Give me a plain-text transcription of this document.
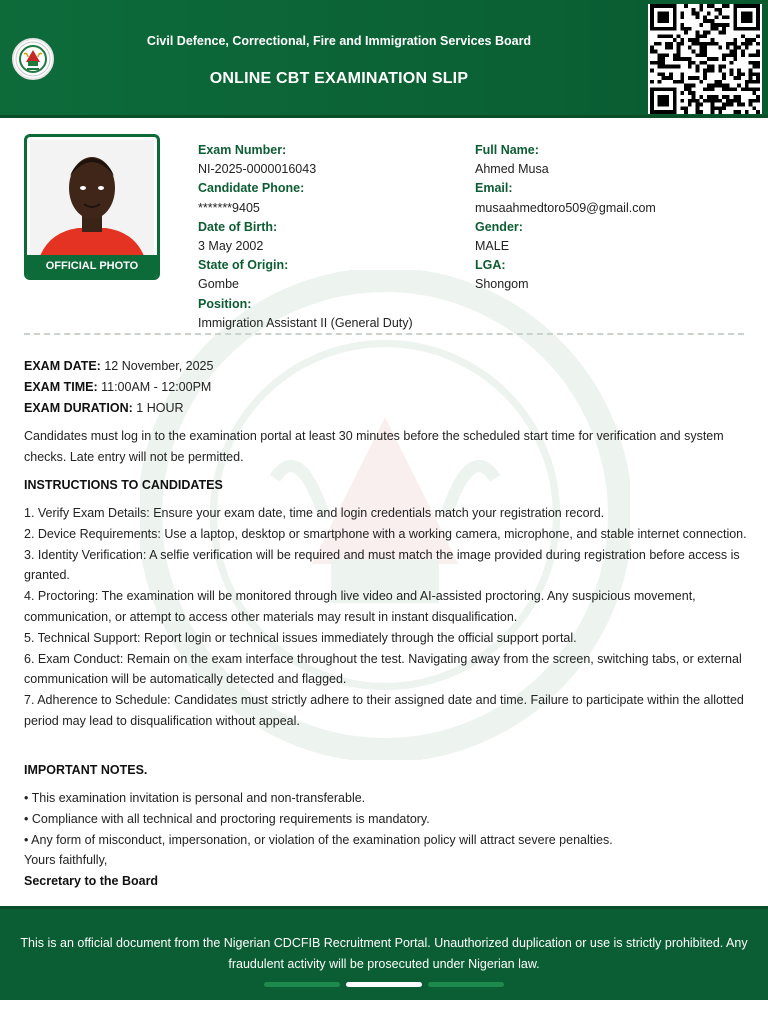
Civil Defence, Correctional, Fire and Immigration Services Board
ONLINE CBT EXAMINATION SLIP
OFFICIAL PHOTO
Exam Number:
NI-2025-0000016043
Candidate Phone:
*******9405
Date of Birth:
3 May 2002
State of Origin:
Gombe
Position:
Immigration Assistant II (General Duty)
Full Name:
Ahmed Musa
Email:
musaahmedtoro509@gmail.com
Gender:
MALE
LGA:
Shongom
EXAM DATE: 12 November, 2025
EXAM TIME: 11:00AM - 12:00PM
EXAM DURATION: 1 HOUR
Candidates must log in to the examination portal at least 30 minutes before the scheduled start time for verification and system checks. Late entry will not be permitted.
INSTRUCTIONS TO CANDIDATES
1. Verify Exam Details: Ensure your exam date, time and login credentials match your registration record.
2. Device Requirements: Use a laptop, desktop or smartphone with a working camera, microphone, and stable internet connection.
3. Identity Verification: A selfie verification will be required and must match the image provided during registration before access is granted.
4. Proctoring: The examination will be monitored through live video and AI-assisted proctoring. Any suspicious movement, communication, or attempt to access other materials may result in instant disqualification.
5. Technical Support: Report login or technical issues immediately through the official support portal.
6. Exam Conduct: Remain on the exam interface throughout the test. Navigating away from the screen, switching tabs, or external communication will be automatically detected and flagged.
7. Adherence to Schedule: Candidates must strictly adhere to their assigned date and time. Failure to participate within the allotted period may lead to disqualification without appeal.
IMPORTANT NOTES.
• This examination invitation is personal and non-transferable.
• Compliance with all technical and proctoring requirements is mandatory.
• Any form of misconduct, impersonation, or violation of the examination policy will attract severe penalties.
Yours faithfully,
Secretary to the Board
This is an official document from the Nigerian CDCFIB Recruitment Portal. Unauthorized duplication or use is strictly prohibited. Any fraudulent activity will be prosecuted under Nigerian law.
